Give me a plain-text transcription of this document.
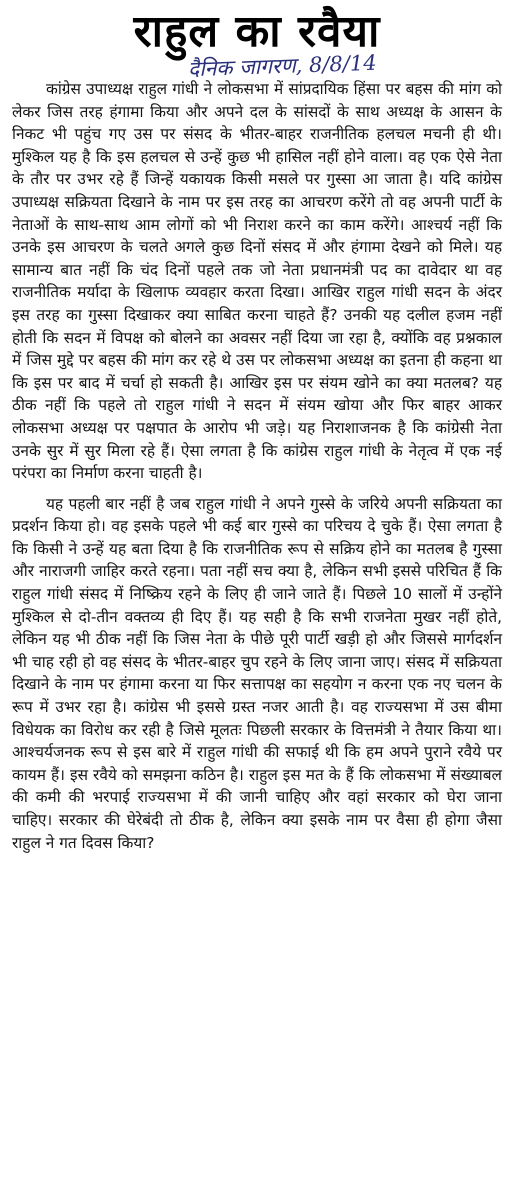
राहुल का रवैया
दैनिक जागरण, 8/8/14

कांग्रेस उपाध्यक्ष राहुल गांधी ने लोकसभा में सांप्रदायिक हिंसा पर बहस की मांग को लेकर जिस तरह हंगामा किया और अपने दल के सांसदों के साथ अध्यक्ष के आसन के निकट भी पहुंच गए उस पर संसद के भीतर-बाहर राजनीतिक हलचल मचनी ही थी। मुश्किल यह है कि इस हलचल से उन्हें कुछ भी हासिल नहीं होने वाला। वह एक ऐसे नेता के तौर पर उभर रहे हैं जिन्हें यकायक किसी मसले पर गुस्सा आ जाता है। यदि कांग्रेस उपाध्यक्ष सक्रियता दिखाने के नाम पर इस तरह का आचरण करेंगे तो वह अपनी पार्टी के नेताओं के साथ-साथ आम लोगों को भी निराश करने का काम करेंगे। आश्चर्य नहीं कि उनके इस आचरण के चलते अगले कुछ दिनों संसद में और हंगामा देखने को मिले। यह सामान्य बात नहीं कि चंद दिनों पहले तक जो नेता प्रधानमंत्री पद का दावेदार था वह राजनीतिक मर्यादा के खिलाफ व्यवहार करता दिखा। आखिर राहुल गांधी सदन के अंदर इस तरह का गुस्सा दिखाकर क्या साबित करना चाहते हैं? उनकी यह दलील हजम नहीं होती कि सदन में विपक्ष को बोलने का अवसर नहीं दिया जा रहा है, क्योंकि वह प्रश्नकाल में जिस मुद्दे पर बहस की मांग कर रहे थे उस पर लोकसभा अध्यक्ष का इतना ही कहना था कि इस पर बाद में चर्चा हो सकती है। आखिर इस पर संयम खोने का क्या मतलब? यह ठीक नहीं कि पहले तो राहुल गांधी ने सदन में संयम खोया और फिर बाहर आकर लोकसभा अध्यक्ष पर पक्षपात के आरोप भी जड़े। यह निराशाजनक है कि कांग्रेसी नेता उनके सुर में सुर मिला रहे हैं। ऐसा लगता है कि कांग्रेस राहुल गांधी के नेतृत्व में एक नई परंपरा का निर्माण करना चाहती है।

यह पहली बार नहीं है जब राहुल गांधी ने अपने गुस्से के जरिये अपनी सक्रियता का प्रदर्शन किया हो। वह इसके पहले भी कई बार गुस्से का परिचय दे चुके हैं। ऐसा लगता है कि किसी ने उन्हें यह बता दिया है कि राजनीतिक रूप से सक्रिय होने का मतलब है गुस्सा और नाराजगी जाहिर करते रहना। पता नहीं सच क्या है, लेकिन सभी इससे परिचित हैं कि राहुल गांधी संसद में निष्क्रिय रहने के लिए ही जाने जाते हैं। पिछले 10 सालों में उन्होंने मुश्किल से दो-तीन वक्तव्य ही दिए हैं। यह सही है कि सभी राजनेता मुखर नहीं होते, लेकिन यह भी ठीक नहीं कि जिस नेता के पीछे पूरी पार्टी खड़ी हो और जिससे मार्गदर्शन भी चाह रही हो वह संसद के भीतर-बाहर चुप रहने के लिए जाना जाए। संसद में सक्रियता दिखाने के नाम पर हंगामा करना या फिर सत्तापक्ष का सहयोग न करना एक नए चलन के रूप में उभर रहा है। कांग्रेस भी इससे ग्रस्त नजर आती है। वह राज्यसभा में उस बीमा विधेयक का विरोध कर रही है जिसे मूलतः पिछली सरकार के वित्तमंत्री ने तैयार किया था। आश्चर्यजनक रूप से इस बारे में राहुल गांधी की सफाई थी कि हम अपने पुराने रवैये पर कायम हैं। इस रवैये को समझना कठिन है। राहुल इस मत के हैं कि लोकसभा में संख्याबल की कमी की भरपाई राज्यसभा में की जानी चाहिए और वहां सरकार को घेरा जाना चाहिए। सरकार की घेरेबंदी तो ठीक है, लेकिन क्या इसके नाम पर वैसा ही होगा जैसा राहुल ने गत दिवस किया?
